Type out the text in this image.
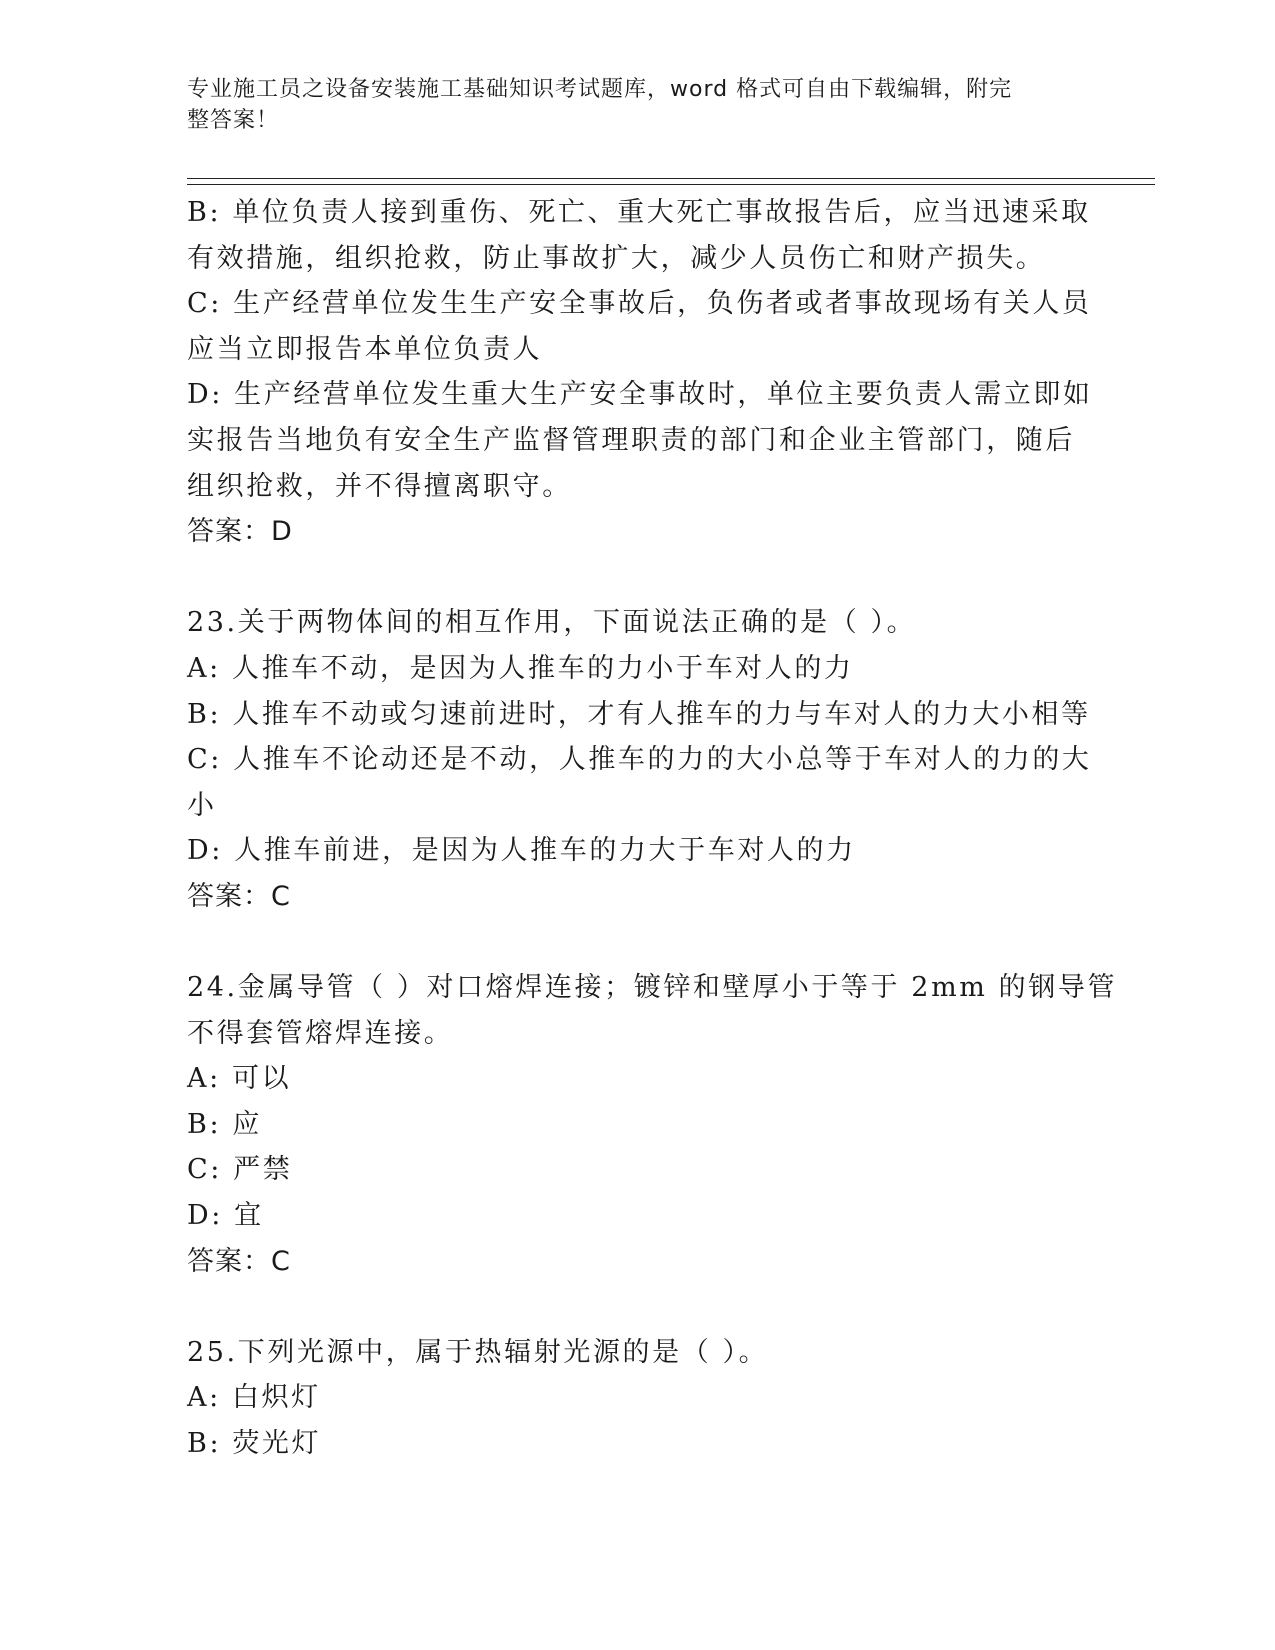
专业施工员之设备安装施工基础知识考试题库，word 格式可自由下载编辑，附完
整答案！
B: 单位负责人接到重伤、死亡、重大死亡事故报告后，应当迅速采取
有效措施，组织抢救，防止事故扩大，减少人员伤亡和财产损失。
C: 生产经营单位发生生产安全事故后，负伤者或者事故现场有关人员
应当立即报告本单位负责人
D: 生产经营单位发生重大生产安全事故时，单位主要负责人需立即如
实报告当地负有安全生产监督管理职责的部门和企业主管部门，随后
组织抢救，并不得擅离职守。
答案：D
23.关于两物体间的相互作用，下面说法正确的是（ ）。
A: 人推车不动，是因为人推车的力小于车对人的力
B: 人推车不动或匀速前进时，才有人推车的力与车对人的力大小相等
C: 人推车不论动还是不动，人推车的力的大小总等于车对人的力的大
小
D: 人推车前进，是因为人推车的力大于车对人的力
答案：C
24.金属导管（ ）对口熔焊连接；镀锌和壁厚小于等于 2mm 的钢导管
不得套管熔焊连接。
A: 可以
B: 应
C: 严禁
D: 宜
答案：C
25.下列光源中，属于热辐射光源的是（ ）。
A: 白炽灯
B: 荧光灯
